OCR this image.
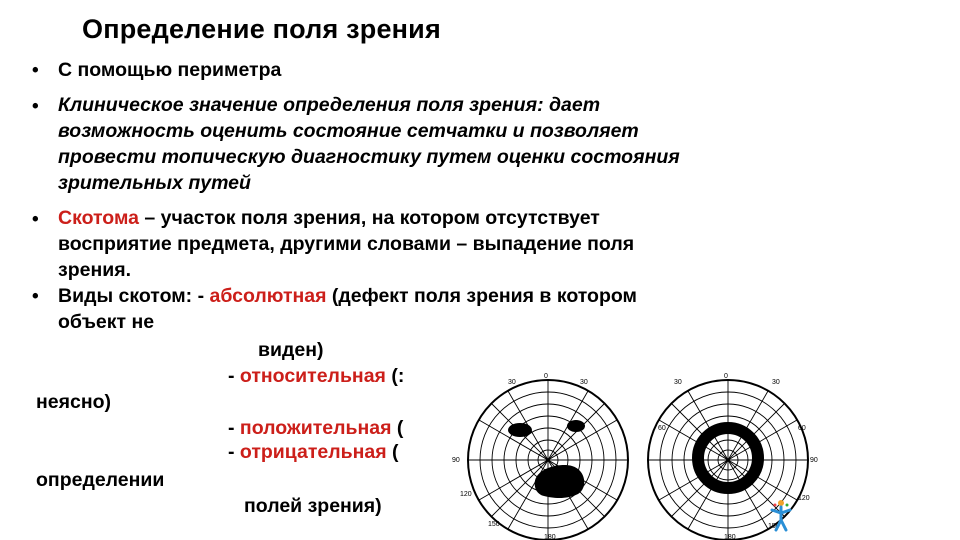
Определение поля зрения
• С помощью периметра
• Клиническое значение определения поля зрения: дает
возможность оценить состояние сетчатки и позволяет
провести топическую диагностику путем оценки состояния
зрительных путей
• Скотома – участок поля зрения, на котором отсутствует
восприятие предмета, другими словами – выпадение поля
зрения.
• Виды скотом: - абсолютная (дефект поля зрения в котором
объект не
виден)
- относительная (:
неясно)
- положительная (
- отрицательная (
определении
полей зрения)
0
30	30
90
120
150
180
0
30	30
60	60
90
120
150
180
